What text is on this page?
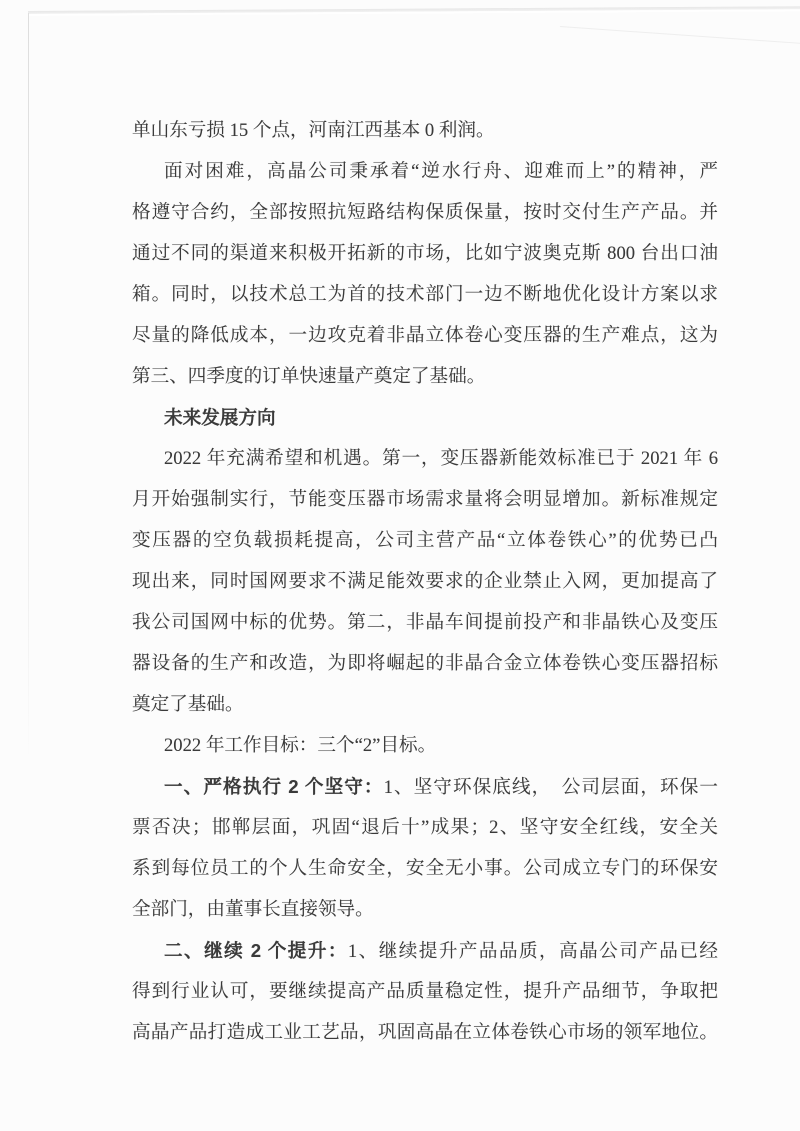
单山东亏损 15 个点，河南江西基本 0 利润。
面对困难，高晶公司秉承着“逆水行舟、迎难而上”的精神，严
格遵守合约，全部按照抗短路结构保质保量，按时交付生产产品。并
通过不同的渠道来积极开拓新的市场，比如宁波奥克斯 800 台出口油
箱。同时，以技术总工为首的技术部门一边不断地优化设计方案以求
尽量的降低成本，一边攻克着非晶立体卷心变压器的生产难点，这为
第三、四季度的订单快速量产奠定了基础。
未来发展方向
2022 年充满希望和机遇。第一，变压器新能效标准已于 2021 年 6
月开始强制实行，节能变压器市场需求量将会明显增加。新标准规定
变压器的空负载损耗提高，公司主营产品“立体卷铁心”的优势已凸
现出来，同时国网要求不满足能效要求的企业禁止入网，更加提高了
我公司国网中标的优势。第二，非晶车间提前投产和非晶铁心及变压
器设备的生产和改造，为即将崛起的非晶合金立体卷铁心变压器招标
奠定了基础。
2022 年工作目标：三个“2”目标。
一、严格执行 2 个坚守：1、坚守环保底线，　公司层面，环保一
票否决；邯郸层面，巩固“退后十”成果；2、坚守安全红线，安全关
系到每位员工的个人生命安全，安全无小事。公司成立专门的环保安
全部门，由董事长直接领导。
二、继续 2 个提升：1、继续提升产品品质，高晶公司产品已经
得到行业认可，要继续提高产品质量稳定性，提升产品细节，争取把
高晶产品打造成工业工艺品，巩固高晶在立体卷铁心市场的领军地位。
